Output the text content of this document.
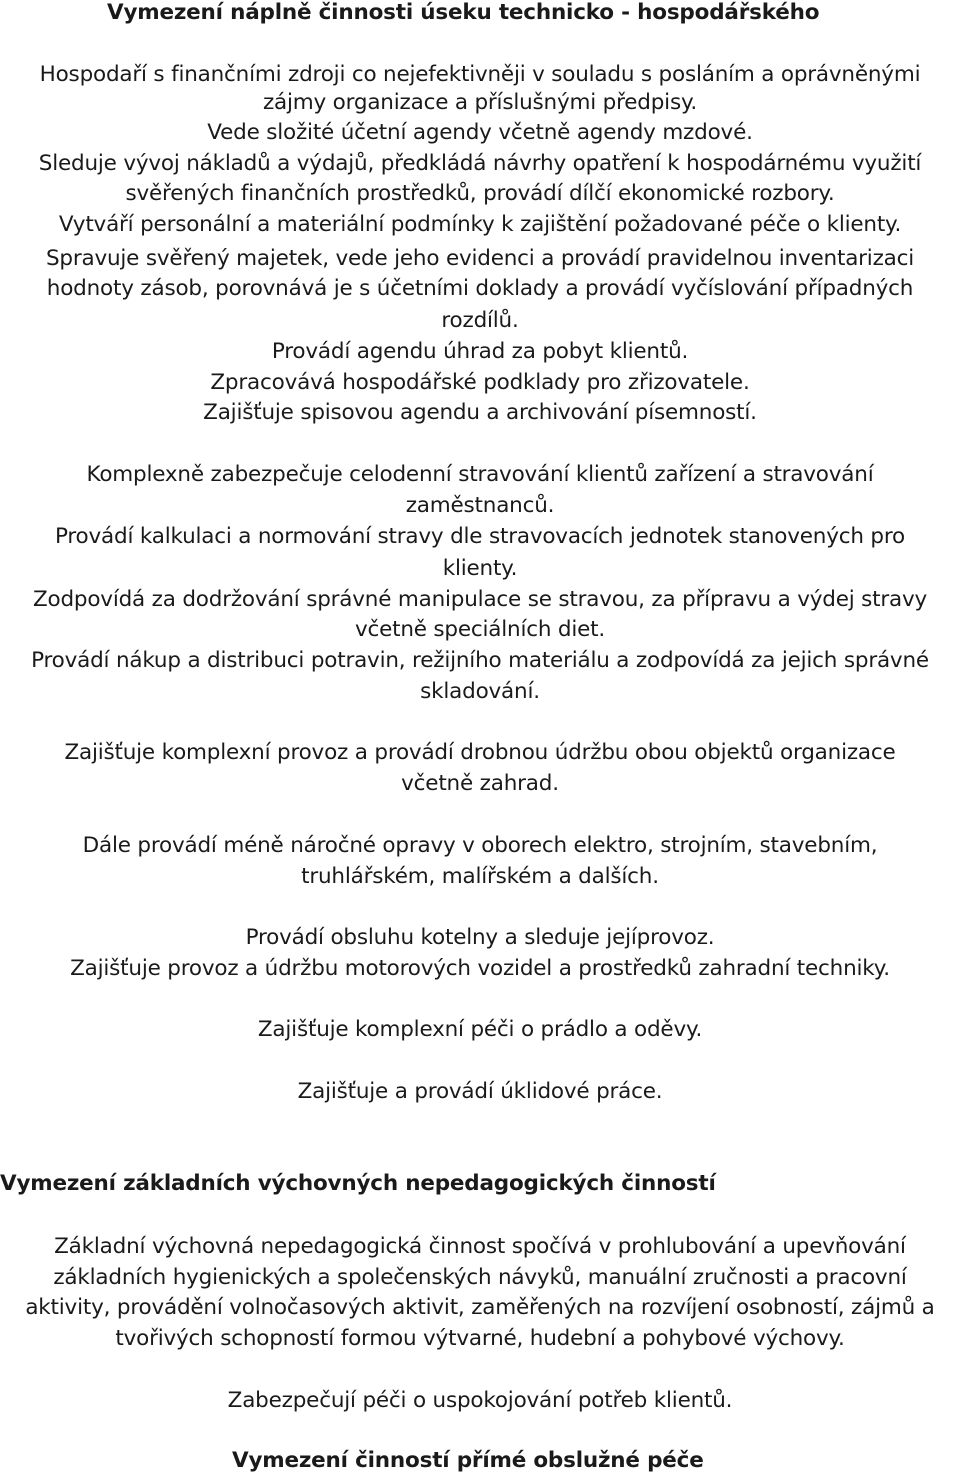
Vymezení náplně činnosti úseku technicko - hospodářského
Hospodaří s finančními zdroji co nejefektivněji v souladu s posláním a oprávněnými
zájmy organizace a příslušnými předpisy.
Vede složité účetní agendy včetně agendy mzdové.
Sleduje vývoj nákladů a výdajů, předkládá návrhy opatření k hospodárnému využití
svěřených finančních prostředků, provádí dílčí ekonomické rozbory.
Vytváří personální a materiální podmínky k zajištění požadované péče o klienty.
Spravuje svěřený majetek, vede jeho evidenci a provádí pravidelnou inventarizaci
hodnoty zásob, porovnává je s účetními doklady a provádí vyčíslování případných
rozdílů.
Provádí agendu úhrad za pobyt klientů.
Zpracovává hospodářské podklady pro zřizovatele.
Zajišťuje spisovou agendu a archivování písemností.
Komplexně zabezpečuje celodenní stravování klientů zařízení a stravování
zaměstnanců.
Provádí kalkulaci a normování stravy dle stravovacích jednotek stanovených pro
klienty.
Zodpovídá za dodržování správné manipulace se stravou, za přípravu a výdej stravy
včetně speciálních diet.
Provádí nákup a distribuci potravin, režijního materiálu a zodpovídá za jejich správné
skladování.
Zajišťuje komplexní provoz a provádí drobnou údržbu obou objektů organizace
včetně zahrad.
Dále provádí méně náročné opravy v oborech elektro, strojním, stavebním,
truhlářském, malířském a dalších.
Provádí obsluhu kotelny a sleduje jejíprovoz.
Zajišťuje provoz a údržbu motorových vozidel a prostředků zahradní techniky.
Zajišťuje komplexní péči o prádlo a oděvy.
Zajišťuje a provádí úklidové práce.
Vymezení základních výchovných nepedagogických činností
Základní výchovná nepedagogická činnost spočívá v prohlubování a upevňování
základních hygienických a společenských návyků, manuální zručnosti a pracovní
aktivity, provádění volnočasových aktivit, zaměřených na rozvíjení osobností, zájmů a
tvořivých schopností formou výtvarné, hudební a pohybové výchovy.
Zabezpečují péči o uspokojování potřeb klientů.
Vymezení činností přímé obslužné péče
